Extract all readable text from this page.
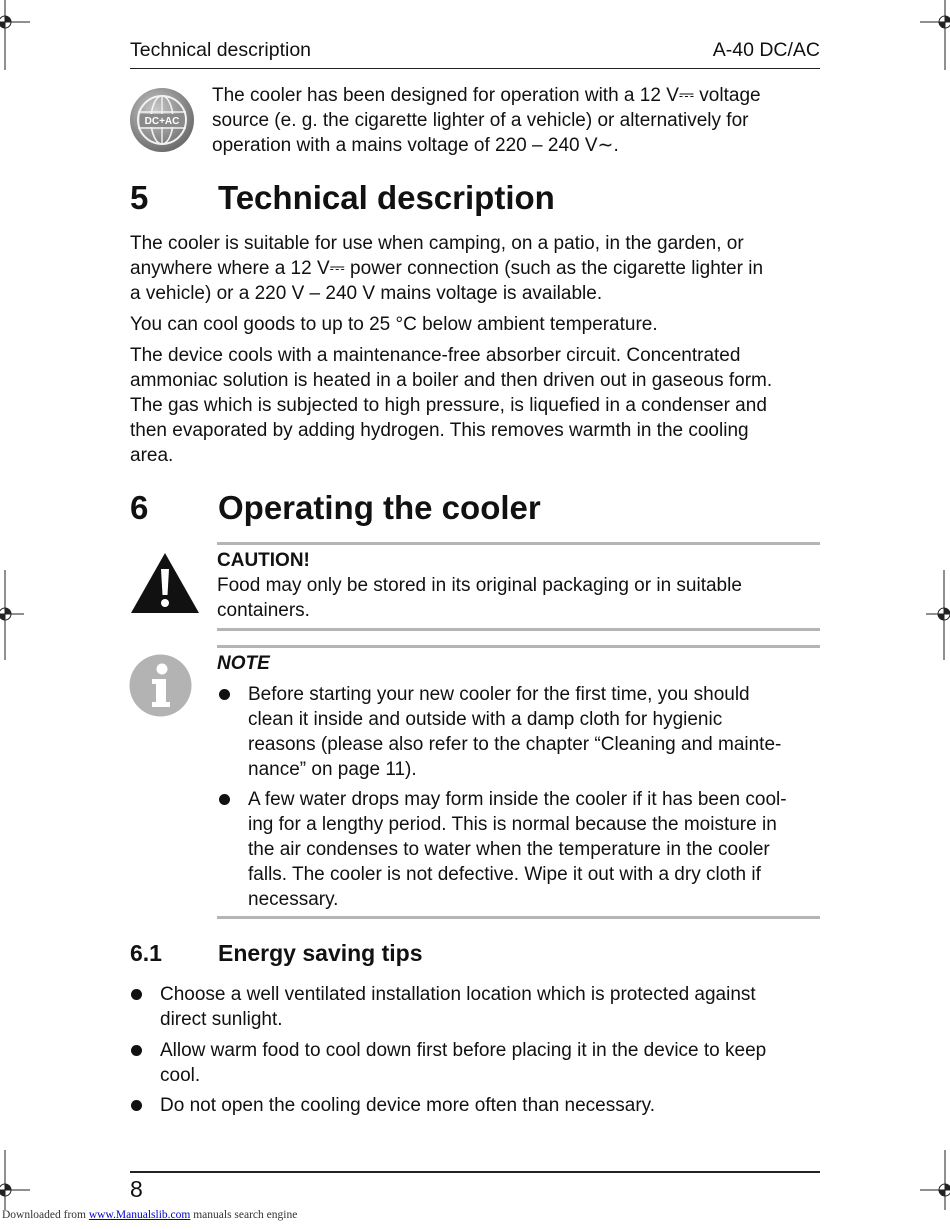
Technical description	A-40 DC/AC
DC+AC

The cooler has been designed for operation with a 12 V⎓ voltage

source (e. g. the cigarette lighter of a vehicle) or alternatively for

operation with a mains voltage of 220 – 240 V∼.

5 Technical description

The cooler is suitable for use when camping, on a patio, in the garden, or

anywhere where a 12 V⎓ power connection (such as the cigarette lighter in

a vehicle) or a 220 V – 240 V mains voltage is available.

You can cool goods to up to 25 °C below ambient temperature.

The device cools with a maintenance-free absorber circuit. Concentrated

ammoniac solution is heated in a boiler and then driven out in gaseous form.

The gas which is subjected to high pressure, is liquefied in a condenser and

then evaporated by adding hydrogen. This removes warmth in the cooling

area.

6 Operating the cooler

CAUTION!

Food may only be stored in its original packaging or in suitable

containers.

NOTE
Before starting your new cooler for the first time, you should
clean it inside and outside with a damp cloth for hygienic
reasons (please also refer to the chapter “Cleaning and mainte-
nance” on page 11).
A few water drops may form inside the cooler if it has been cool-
ing for a lengthy period. This is normal because the moisture in
the air condenses to water when the temperature in the cooler
falls. The cooler is not defective. Wipe it out with a dry cloth if
necessary.
6.1 Energy saving tips
Choose a well ventilated installation location which is protected against
direct sunlight.
Allow warm food to cool down first before placing it in the device to keep
cool.
Do not open the cooling device more often than necessary.
8
Downloaded from www.Manualslib.com manuals search engine
